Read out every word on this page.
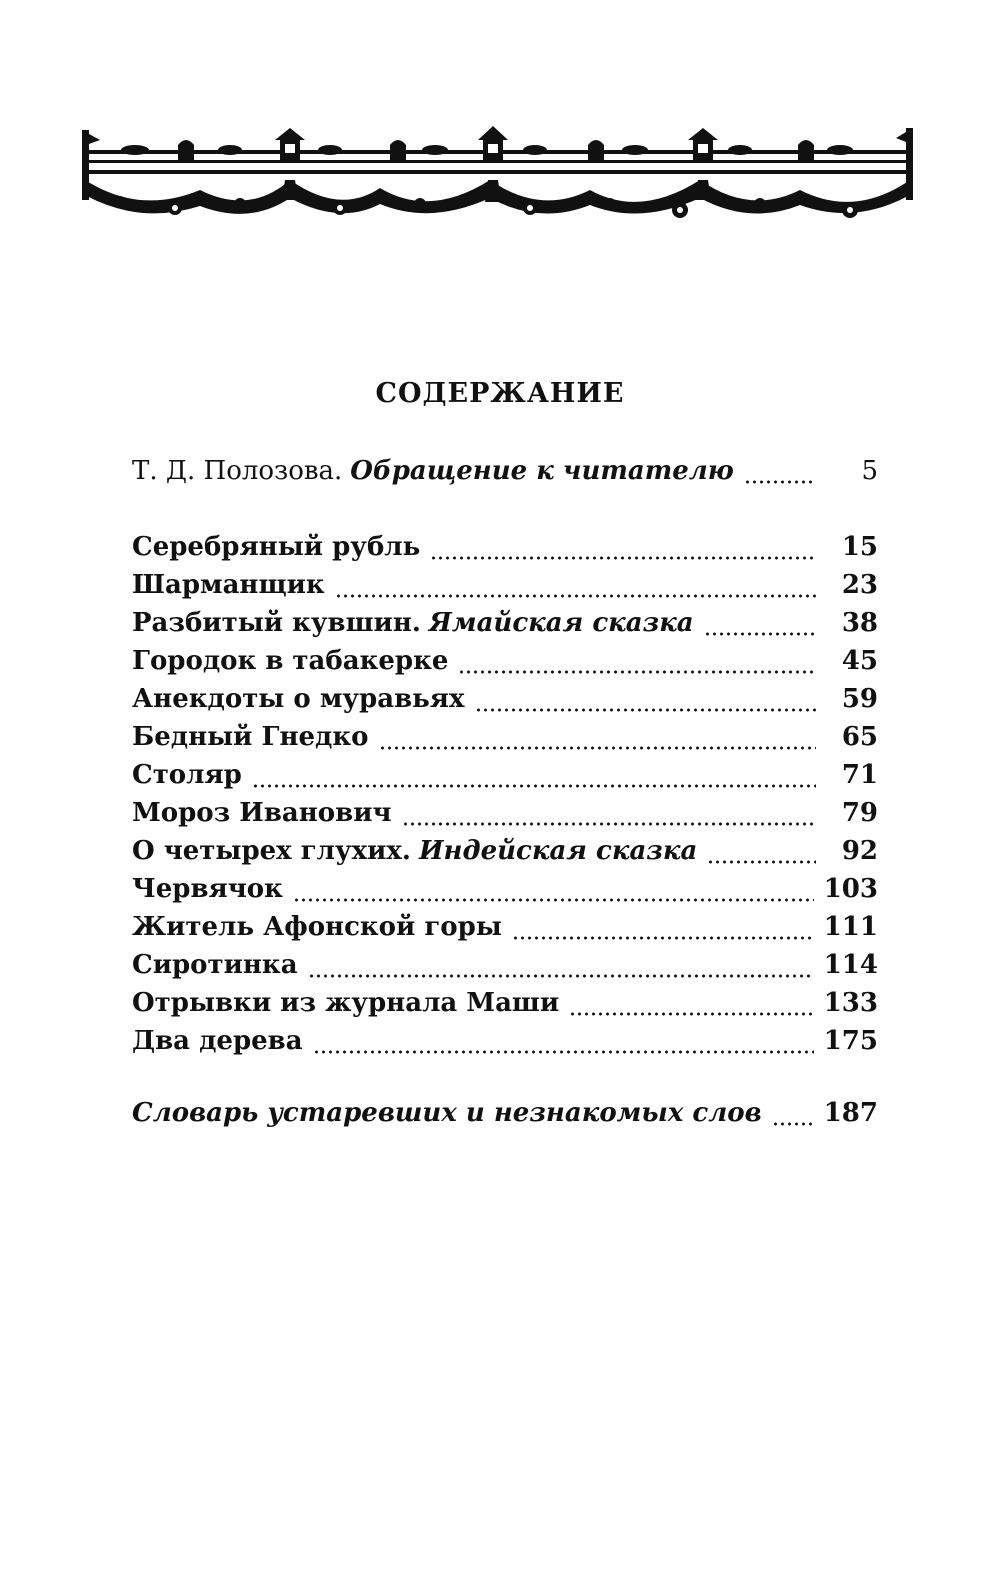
СОДЕРЖАНИЕ
Т. Д. Полозова. Обращение к читателю	5
Серебряный рубль	15
Шарманщик	23
Разбитый кувшин. Ямайская сказка	38
Городок в табакерке	45
Анекдоты о муравьях	59
Бедный Гнедко	65
Столяр	71
Мороз Иванович	79
О четырех глухих. Индейская сказка	92
Червячок	103
Житель Афонской горы	111
Сиротинка	114
Отрывки из журнала Маши	133
Два дерева	175
Словарь устаревших и незнакомых слов 187
